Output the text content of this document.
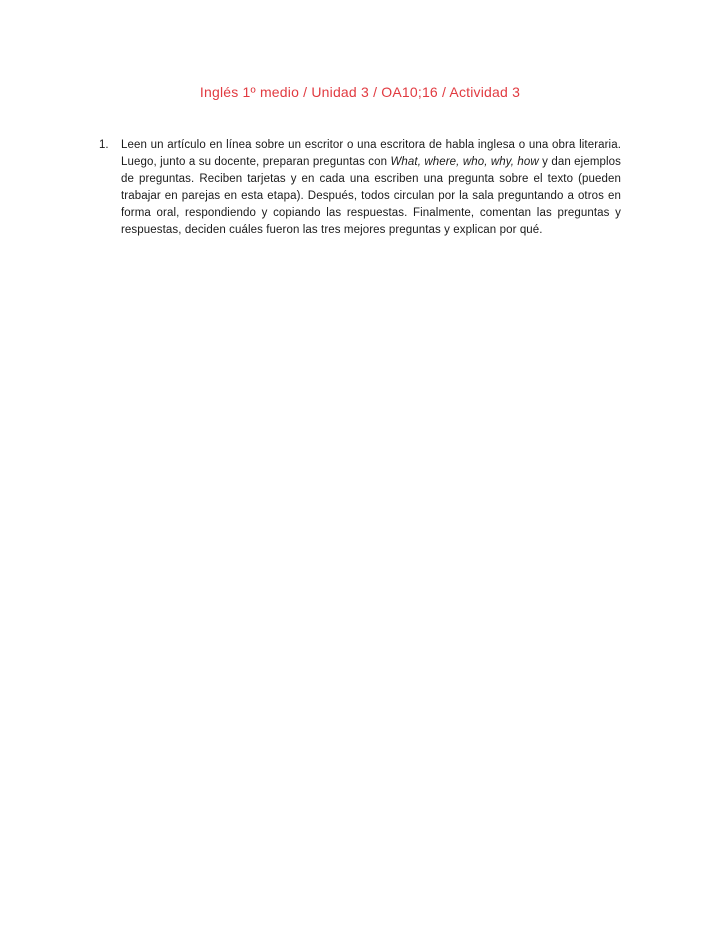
Inglés 1º medio / Unidad 3 / OA10;16 / Actividad 3
1.	Leen un artículo en línea sobre un escritor o una escritora de habla inglesa o una obra literaria. Luego, junto a su docente, preparan preguntas con What, where, who, why, how y dan ejemplos de preguntas. Reciben tarjetas y en cada una escriben una pregunta sobre el texto (pueden trabajar en parejas en esta etapa). Después, todos circulan por la sala preguntando a otros en forma oral, respondiendo y copiando las respuestas. Finalmente, comentan las preguntas y respuestas, deciden cuáles fueron las tres mejores preguntas y explican por qué.
